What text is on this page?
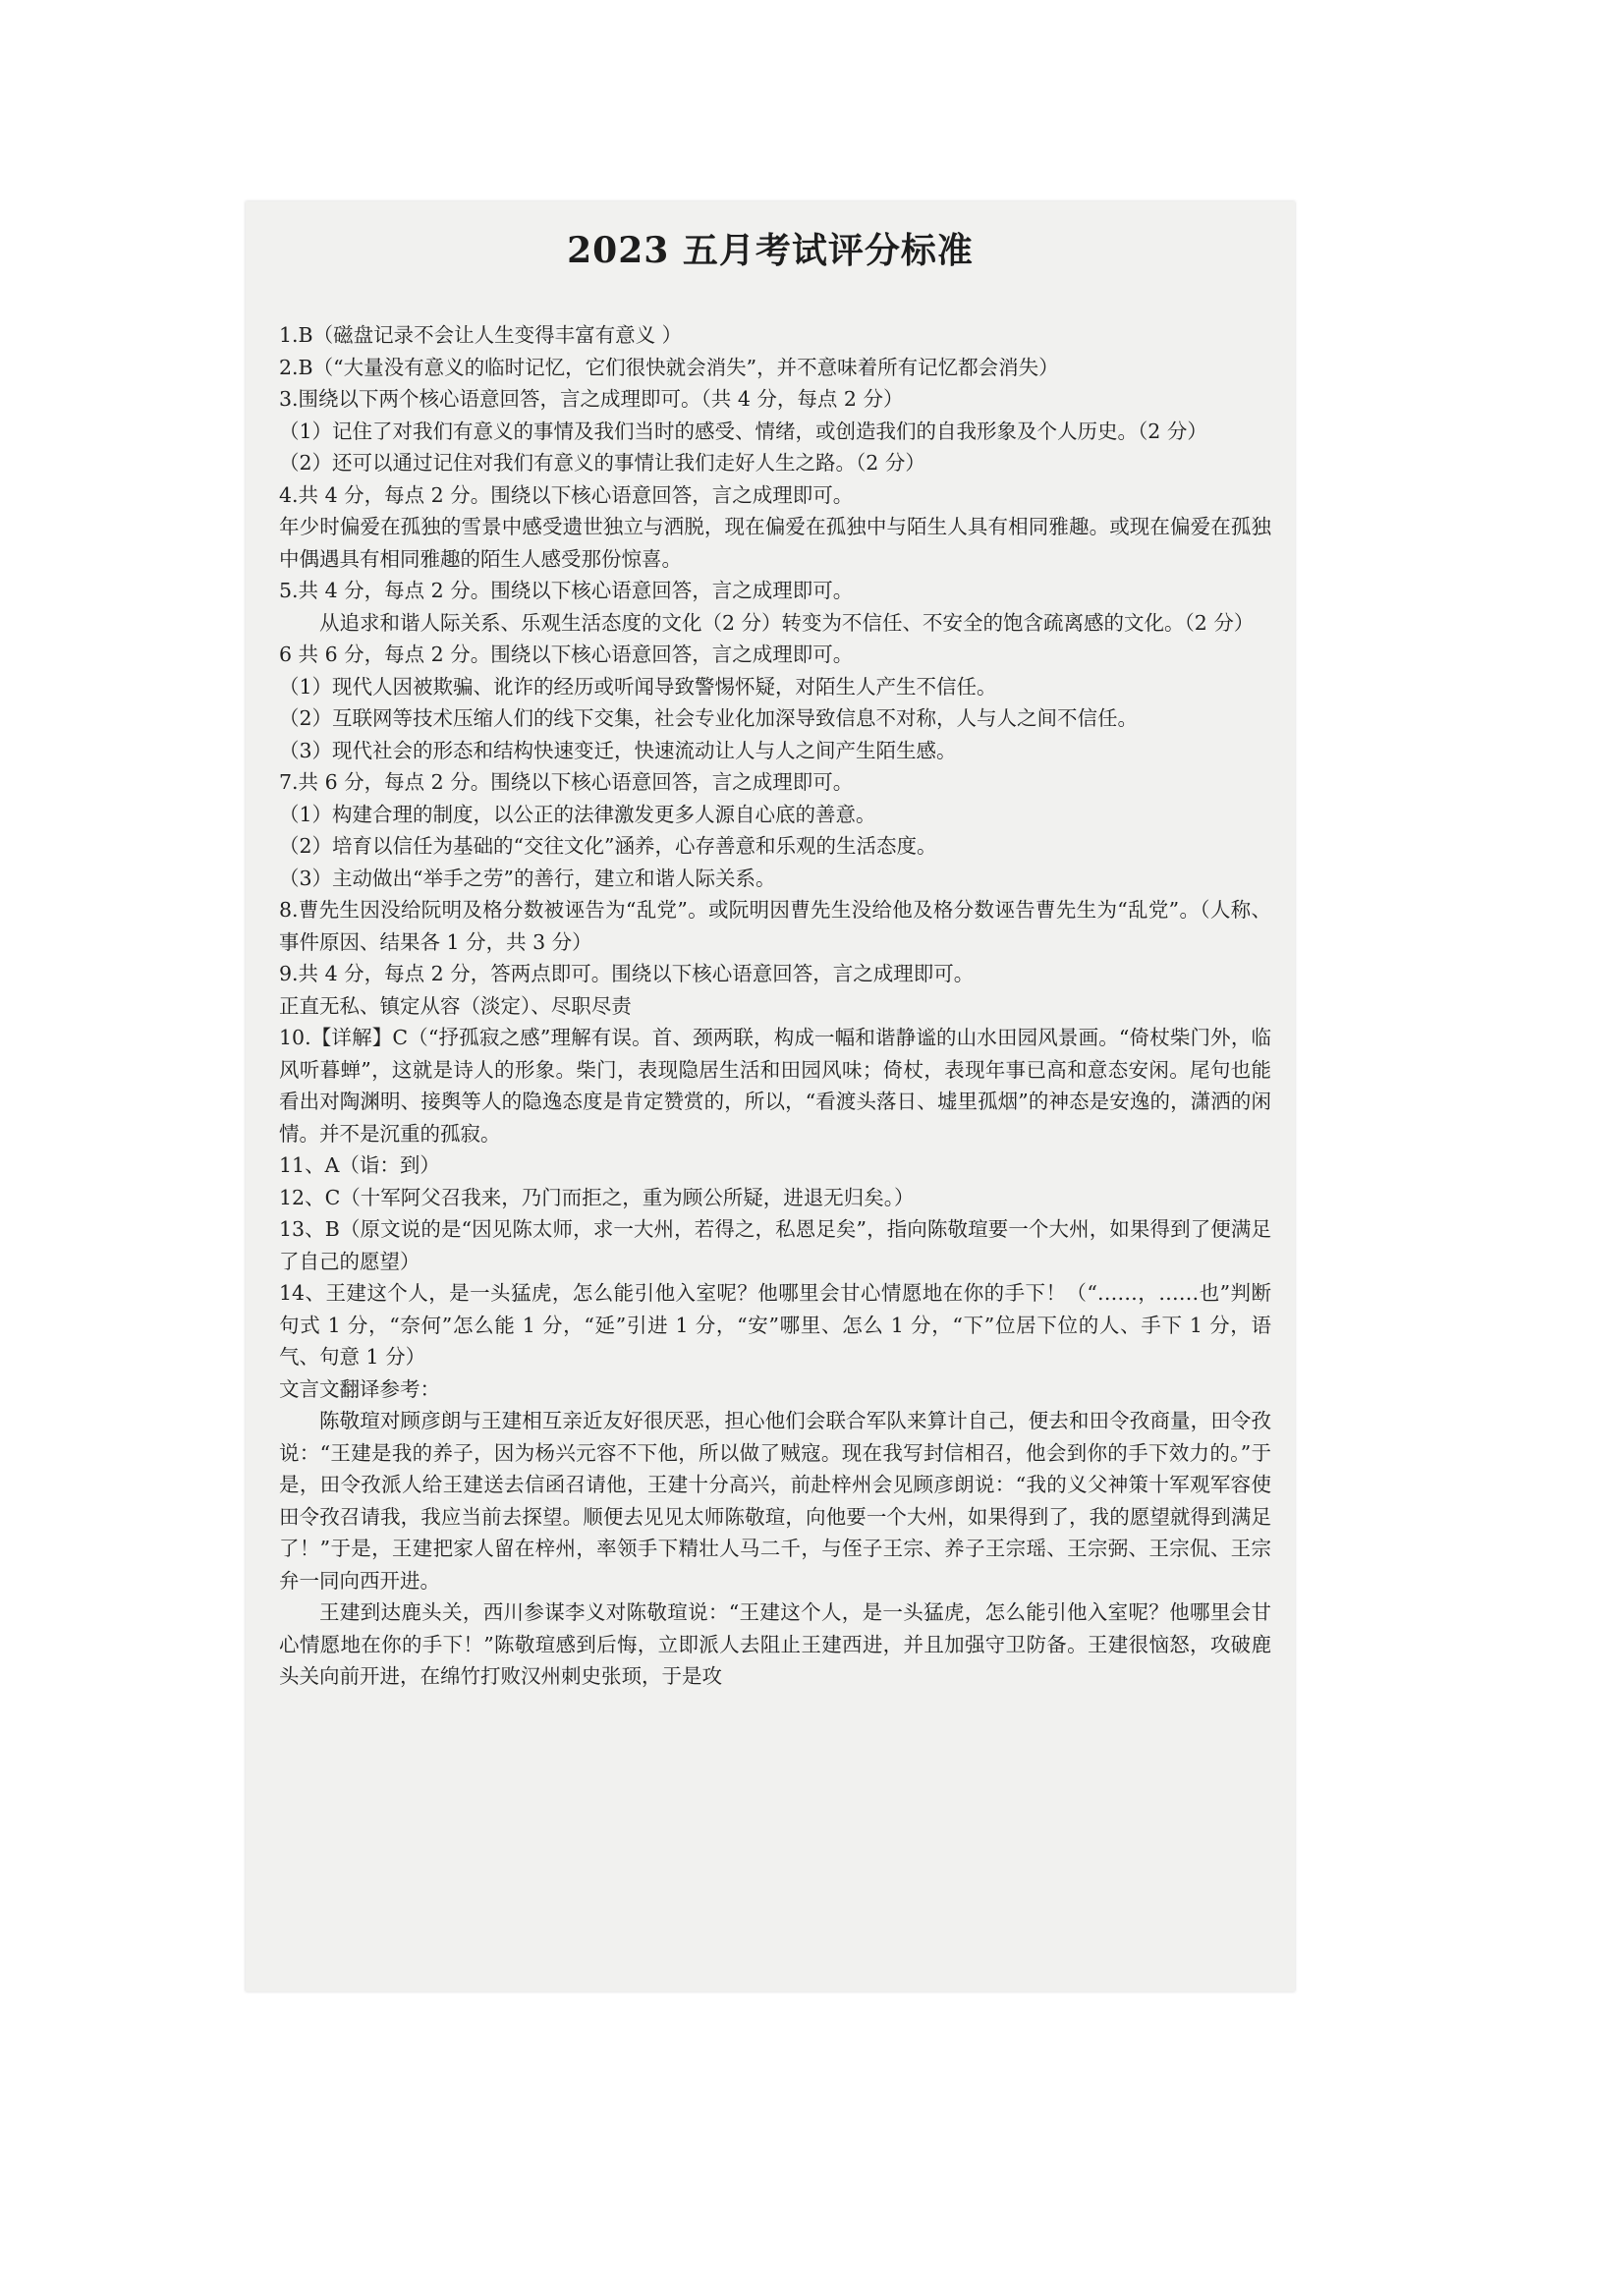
2023 五月考试评分标准

1.B（磁盘记录不会让人生变得丰富有意义 ）

2.B（“大量没有意义的临时记忆，它们很快就会消失”，并不意味着所有记忆都会消失）

3.围绕以下两个核心语意回答，言之成理即可。（共 4 分，每点 2 分）

（1）记住了对我们有意义的事情及我们当时的感受、情绪，或创造我们的自我形象及个人历史。（2 分）

（2）还可以通过记住对我们有意义的事情让我们走好人生之路。（2 分）

4.共 4 分，每点 2 分。围绕以下核心语意回答，言之成理即可。

年少时偏爱在孤独的雪景中感受遗世独立与洒脱，现在偏爱在孤独中与陌生人具有相同雅趣。或现在偏爱在孤独中偶遇具有相同雅趣的陌生人感受那份惊喜。

5.共 4 分，每点 2 分。围绕以下核心语意回答，言之成理即可。

从追求和谐人际关系、乐观生活态度的文化（2 分）转变为不信任、不安全的饱含疏离感的文化。（2 分）

6 共 6 分，每点 2 分。围绕以下核心语意回答，言之成理即可。

（1）现代人因被欺骗、讹诈的经历或听闻导致警惕怀疑，对陌生人产生不信任。

（2）互联网等技术压缩人们的线下交集，社会专业化加深导致信息不对称，人与人之间不信任。

（3）现代社会的形态和结构快速变迁，快速流动让人与人之间产生陌生感。

7.共 6 分，每点 2 分。围绕以下核心语意回答，言之成理即可。

（1）构建合理的制度，以公正的法律激发更多人源自心底的善意。

（2）培育以信任为基础的“交往文化”涵养，心存善意和乐观的生活态度。

（3）主动做出“举手之劳”的善行，建立和谐人际关系。

8.曹先生因没给阮明及格分数被诬告为“乱党”。或阮明因曹先生没给他及格分数诬告曹先生为“乱党”。（人称、事件原因、结果各 1 分，共 3 分）

9.共 4 分，每点 2 分，答两点即可。围绕以下核心语意回答，言之成理即可。

正直无私、镇定从容（淡定）、尽职尽责

10.【详解】C（“抒孤寂之感”理解有误。首、颈两联，构成一幅和谐静谧的山水田园风景画。“倚杖柴门外，临风听暮蝉”，这就是诗人的形象。柴门，表现隐居生活和田园风味；倚杖，表现年事已高和意态安闲。尾句也能看出对陶渊明、接舆等人的隐逸态度是肯定赞赏的，所以，“看渡头落日、墟里孤烟”的神态是安逸的，潇洒的闲情。并不是沉重的孤寂。

11、A（诣：到）

12、C（十军阿父召我来，乃门而拒之，重为顾公所疑，进退无归矣。）

13、B（原文说的是“因见陈太师，求一大州，若得之，私恩足矣”，指向陈敬瑄要一个大州，如果得到了便满足了自己的愿望）

14、王建这个人，是一头猛虎，怎么能引他入室呢？他哪里会甘心情愿地在你的手下！（“……，……也”判断句式 1 分，“奈何”怎么能 1 分，“延”引进 1 分，“安”哪里、怎么 1 分，“下”位居下位的人、手下 1 分，语气、句意 1 分）

文言文翻译参考：

陈敬瑄对顾彦朗与王建相互亲近友好很厌恶，担心他们会联合军队来算计自己，便去和田令孜商量，田令孜说：“王建是我的养子，因为杨兴元容不下他，所以做了贼寇。现在我写封信相召，他会到你的手下效力的。”于是，田令孜派人给王建送去信函召请他，王建十分高兴，前赴梓州会见顾彦朗说：“我的义父神策十军观军容使田令孜召请我，我应当前去探望。顺便去见见太师陈敬瑄，向他要一个大州，如果得到了，我的愿望就得到满足了！”于是，王建把家人留在梓州，率领手下精壮人马二千，与侄子王宗、养子王宗瑶、王宗弼、王宗侃、王宗弁一同向西开进。

王建到达鹿头关，西川参谋李义对陈敬瑄说：“王建这个人，是一头猛虎，怎么能引他入室呢？他哪里会甘心情愿地在你的手下！”陈敬瑄感到后悔，立即派人去阻止王建西进，并且加强守卫防备。王建很恼怒，攻破鹿头关向前开进，在绵竹打败汉州刺史张顼，于是攻
